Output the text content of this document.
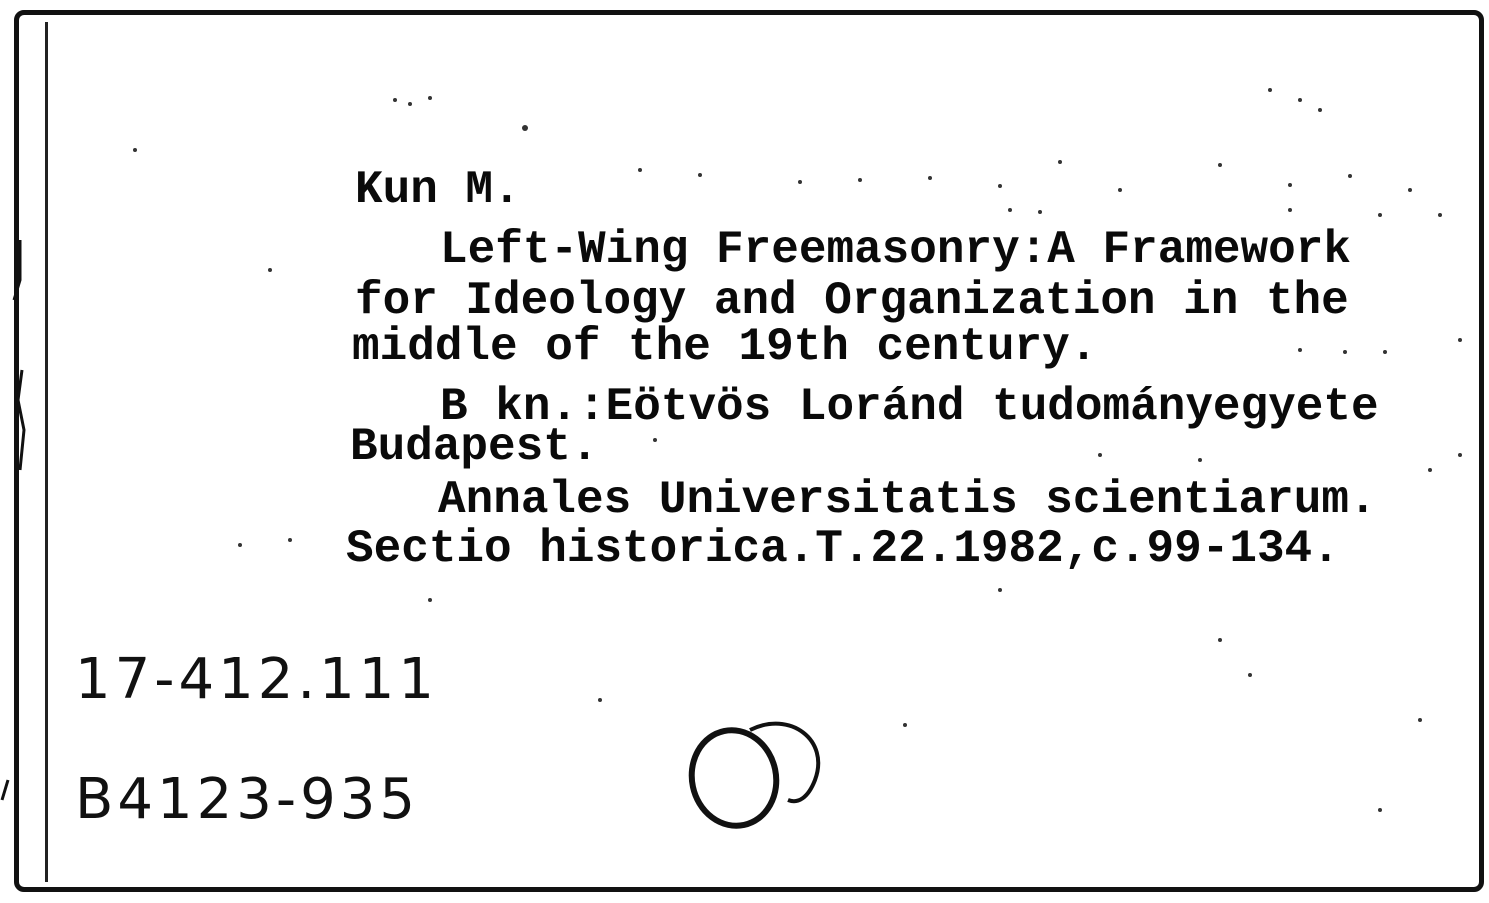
Kun M.
Left-Wing Freemasonry:A Framework
for Ideology and Organization in the
middle of the 19th century.
B kn.:Eötvös Loránd tudományegyete
Budapest.
Annales Universitatis scientiarum.
Sectio historica.T.22.1982,c.99-134.
17-412.111
B4123-935
